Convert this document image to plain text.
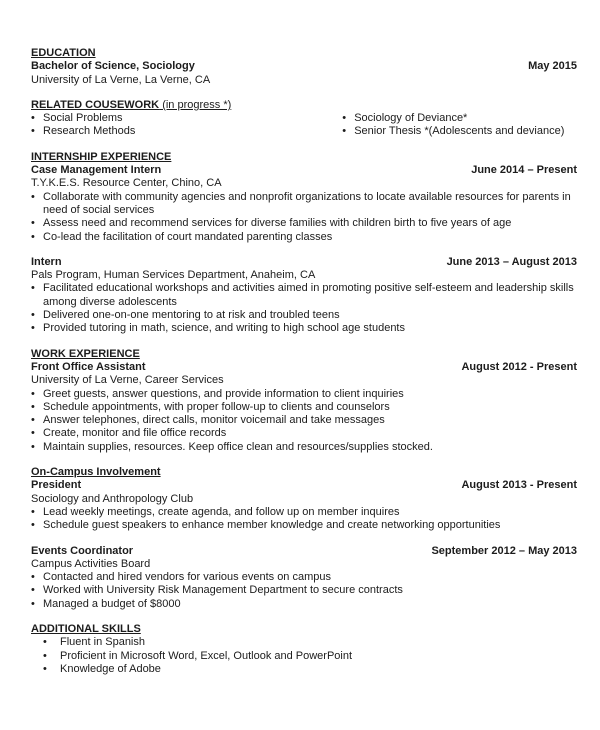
EDUCATION
Bachelor of Science, Sociology	May 2015
University of La Verne, La Verne, CA
RELATED COUSEWORK (in progress *)
• Social Problems
• Research Methods
• Sociology of Deviance*
• Senior Thesis *(Adolescents and deviance)
INTERNSHIP EXPERIENCE
Case Management Intern	June 2014 – Present
T.Y.K.E.S. Resource Center, Chino, CA
• Collaborate with community agencies and nonprofit organizations to locate available resources for parents in need of social services
• Assess need and recommend services for diverse families with children birth to five years of age
• Co-lead the facilitation of court mandated parenting classes
Intern	June 2013 – August 2013
Pals Program, Human Services Department, Anaheim, CA
• Facilitated educational workshops and activities aimed in promoting positive self-esteem and leadership skills among diverse adolescents
• Delivered one-on-one mentoring to at risk and troubled teens
• Provided tutoring in math, science, and writing to high school age students
WORK EXPERIENCE
Front Office Assistant	August 2012 - Present
University of La Verne, Career Services
• Greet guests, answer questions, and provide information to client inquiries
• Schedule appointments, with proper follow-up to clients and counselors
• Answer telephones, direct calls, monitor voicemail and take messages
• Create, monitor and file office records
• Maintain supplies, resources. Keep office clean and resources/supplies stocked.
On-Campus Involvement
President	August 2013 - Present
Sociology and Anthropology Club
• Lead weekly meetings, create agenda, and follow up on member inquires
• Schedule guest speakers to enhance member knowledge and create networking opportunities
Events Coordinator	September 2012 – May 2013
Campus Activities Board
• Contacted and hired vendors for various events on campus
• Worked with University Risk Management Department to secure contracts
• Managed a budget of $8000
ADDITIONAL SKILLS
•	Fluent in Spanish
•	Proficient in Microsoft Word, Excel, Outlook and PowerPoint
•	Knowledge of Adobe
